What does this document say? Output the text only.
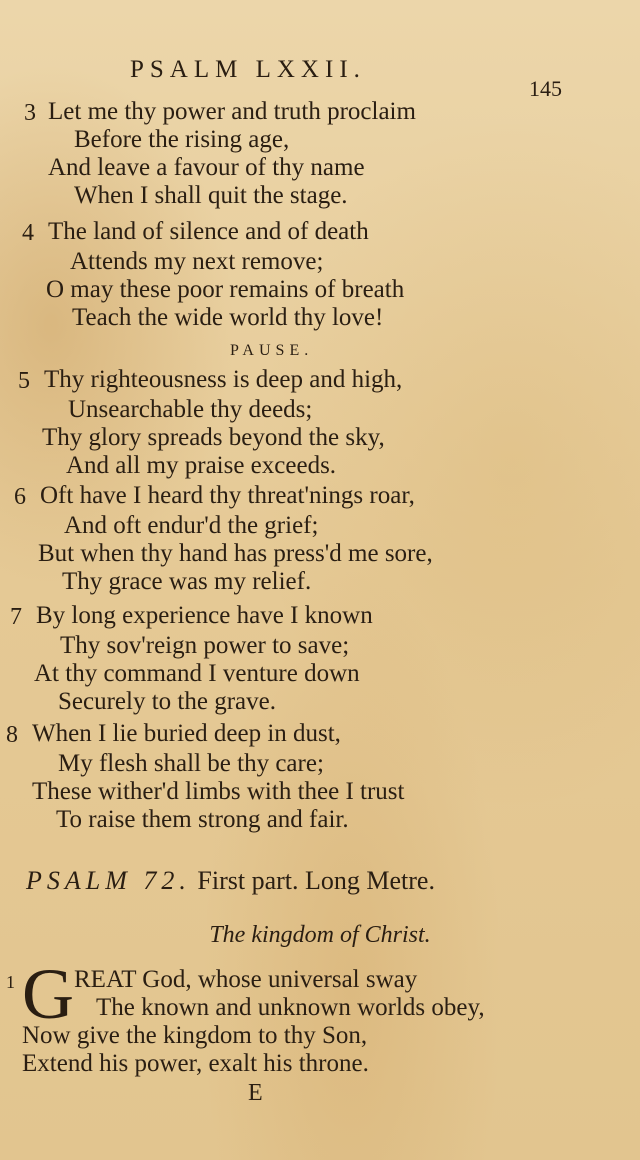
PSALM LXXII.
145
3 Let me thy power and truth proclaim
Before the rising age,
And leave a favour of thy name
When I shall quit the stage.
4 The land of silence and of death
Attends my next remove;
O may these poor remains of breath
Teach the wide world thy love!
PAUSE.
5 Thy righteousness is deep and high,
Unsearchable thy deeds;
Thy glory spreads beyond the sky,
And all my praise exceeds.
6 Oft have I heard thy threat'nings roar,
And oft endur'd the grief;
But when thy hand has press'd me sore,
Thy grace was my relief.
7 By long experience have I known
Thy sov'reign power to save;
At thy command I venture down
Securely to the grave.
8 When I lie buried deep in dust,
My flesh shall be thy care;
These wither'd limbs with thee I trust
To raise them strong and fair.
PSALM 72. First part. Long Metre.
The kingdom of Christ.
1 G REAT God, whose universal sway
The known and unknown worlds obey,
Now give the kingdom to thy Son,
Extend his power, exalt his throne.
E
